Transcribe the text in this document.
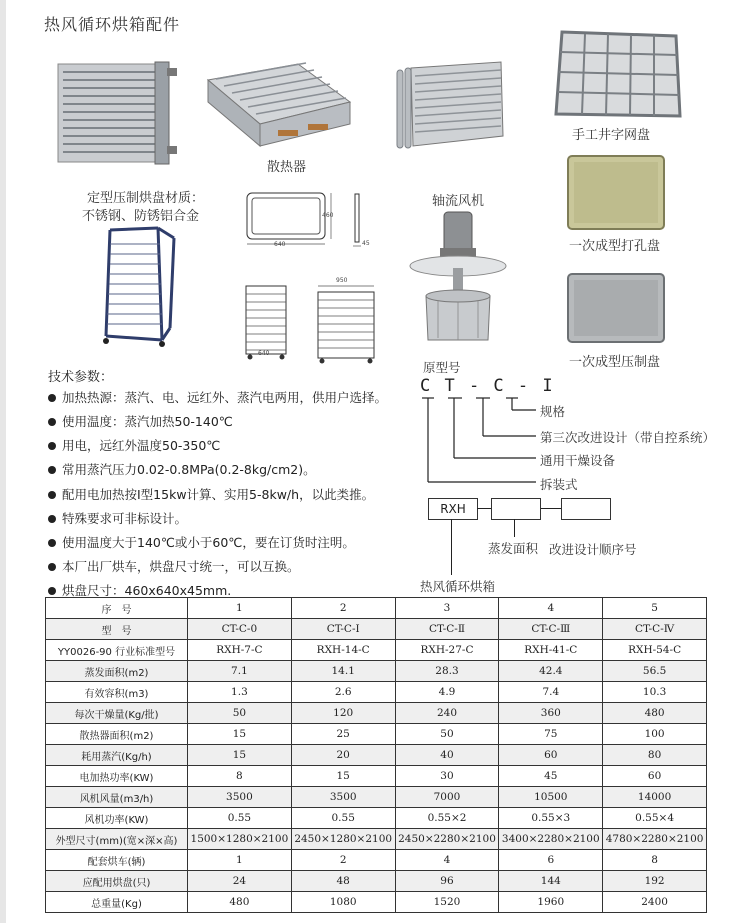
热风循环烘箱配件
手工井字网盘
一次成型打孔盘
一次成型压制盘
散热器
定型压制烘盘材质：
不锈钢、防锈铝合金
轴流风机
640
460
45
640
950
技术参数：
加热热源：蒸汽、电、远红外、蒸汽电两用，供用户选择。
使用温度：蒸汽加热50-140℃
用电，远红外温度50-350℃
常用蒸汽压力0.02-0.8MPa(0.2-8kg/cm2)。
配用电加热按I型15kw计算、实用5-8kw/h，以此类推。
特殊要求可非标设计。
使用温度大于140℃或小于60℃，要在订货时注明。
本厂出厂烘车，烘盘尺寸统一，可以互换。
烘盘尺寸：460x640x45mm.
原型号
C T - C - I
规格
第三次改进设计（带自控系统）
通用干燥设备
拆装式
RXH
蒸发面积 改进设计顺序号
热风循环烘箱
序　号	1	2	3	4	5
型　号	CT-C-0	CT-C-Ⅰ	CT-C-Ⅱ	CT-C-Ⅲ	CT-C-Ⅳ
YY0026-90 行业标准型号	RXH-7-C	RXH-14-C	RXH-27-C	RXH-41-C	RXH-54-C
蒸发面积(m2)	7.1	14.1	28.3	42.4	56.5
有效容积(m3)	1.3	2.6	4.9	7.4	10.3
每次干燥量(Kg/批)	50	120	240	360	480
散热器面积(m2)	15	25	50	75	100
耗用蒸汽(Kg/h)	15	20	40	60	80
电加热功率(KW)	8	15	30	45	60
风机风量(m3/h)	3500	3500	7000	10500	14000
风机功率(KW)	0.55	0.55	0.55×2	0.55×3	0.55×4
外型尺寸(mm)(宽×深×高)	1500×1280×2100	2450×1280×2100	2450×2280×2100	3400×2280×2100	4780×2280×2100
配套烘车(辆)	1	2	4	6	8
应配用烘盘(只)	24	48	96	144	192
总重量(Kg)	480	1080	1520	1960	2400
